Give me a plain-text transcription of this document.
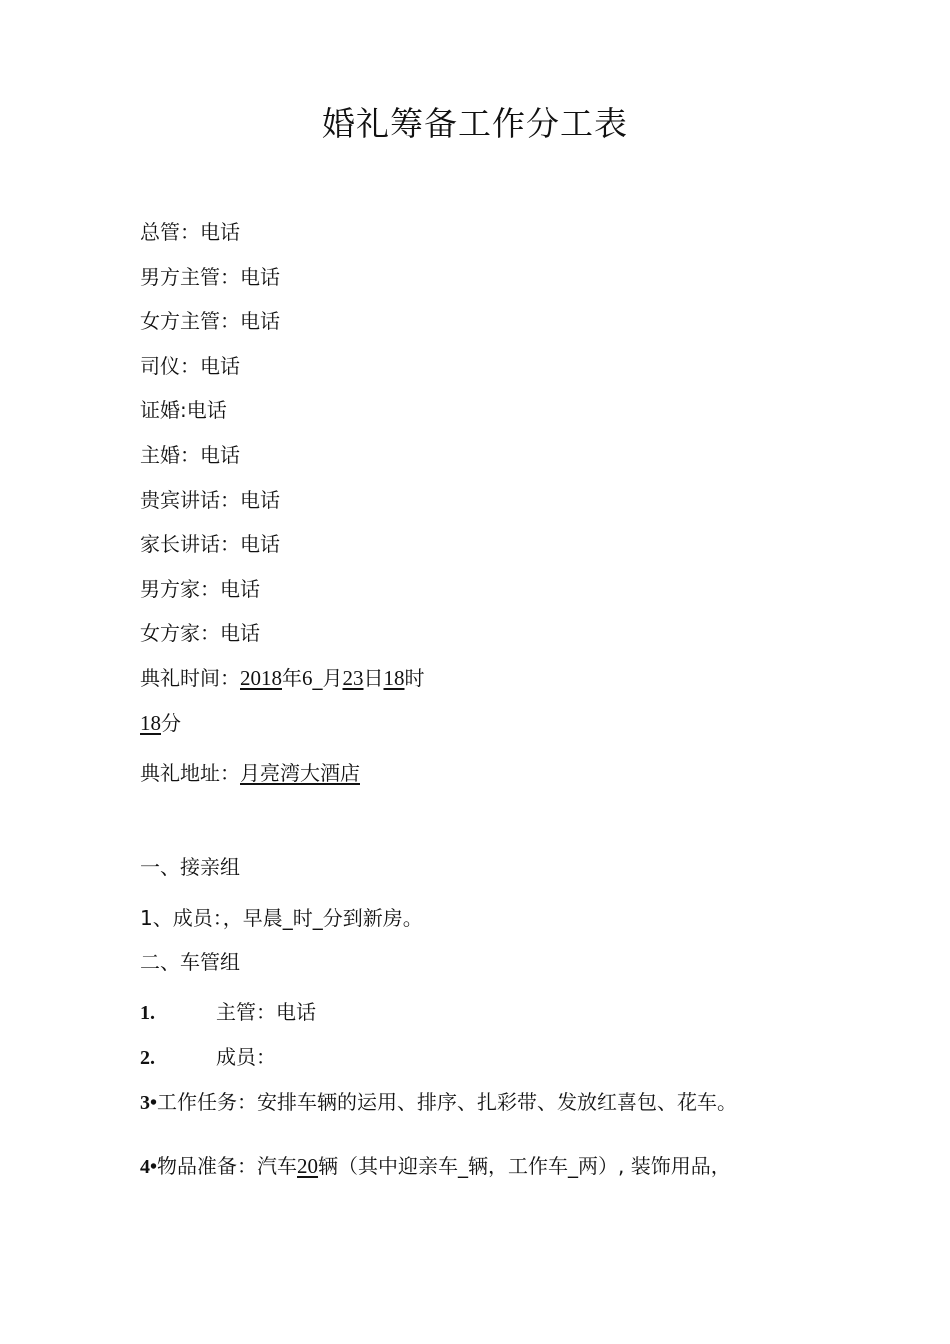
婚礼筹备工作分工表
总管：电话
男方主管：电话
女方主管：电话
司仪：电话
证婚:电话
主婚：电话
贵宾讲话：电话
家长讲话：电话
男方家：电话
女方家：电话
典礼时间：2018年6_月23日18时
18分
典礼地址：月亮湾大酒店
一、接亲组
1、成员：，早晨_时_分到新房。
二、车管组
1.	主管：电话
2.	成员：
3•工作任务：安排车辆的运用、排序、扎彩带、发放红喜包、花车。
4•物品准备：汽车20辆（其中迎亲车_辆，工作车_两）, 装饰用品，
